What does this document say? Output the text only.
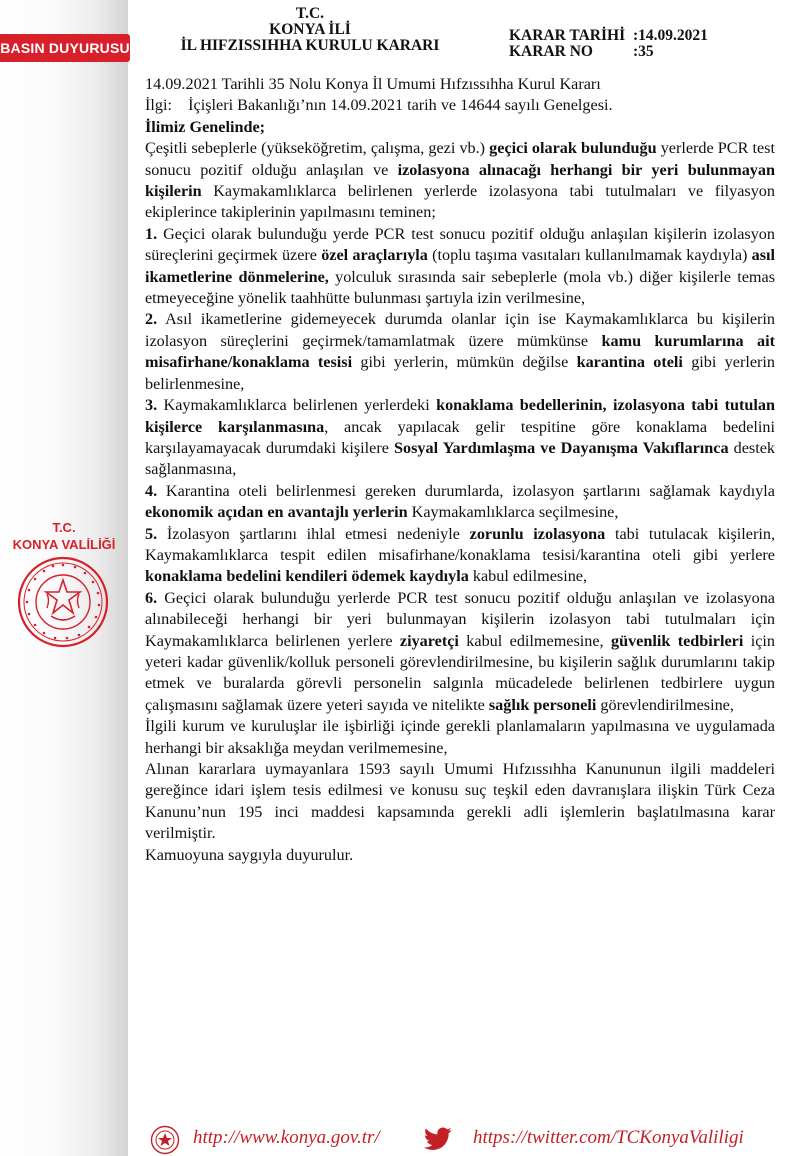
BASIN DUYURUSU
T.C.
KONYA VALİLİĞİ
T.C.
KONYA İLİ
İL HIFZISSIHHA KURULU KARARI
KARAR TARİHİ :14.09.2021
KARAR NO	:35

14.09.2021 Tarihli 35 Nolu Konya İl Umumi Hıfzıssıhha Kurul Kararı

İlgi: İçişleri Bakanlığı’nın 14.09.2021 tarih ve 14644 sayılı Genelgesi.

İlimiz Genelinde;

Çeşitli sebeplerle (yükseköğretim, çalışma, gezi vb.) geçici olarak bulunduğu yerlerde PCR test sonucu pozitif olduğu anlaşılan ve izolasyona alınacağı herhangi bir yeri bulunmayan kişilerin Kaymakamlıklarca belirlenen yerlerde izolasyona tabi tutulmaları ve filyasyon ekiplerince takiplerinin yapılmasını teminen;

1. Geçici olarak bulunduğu yerde PCR test sonucu pozitif olduğu anlaşılan kişilerin izolasyon süreçlerini geçirmek üzere özel araçlarıyla (toplu taşıma vasıtaları kullanılmamak kaydıyla) asıl ikametlerine dönmelerine, yolculuk sırasında sair sebeplerle (mola vb.) diğer kişilerle temas etmeyeceğine yönelik taahhütte bulunması şartıyla izin verilmesine,

2. Asıl ikametlerine gidemeyecek durumda olanlar için ise Kaymakamlıklarca bu kişilerin izolasyon süreçlerini geçirmek/tamamlatmak üzere mümkünse kamu kurumlarına ait misafirhane/konaklama tesisi gibi yerlerin, mümkün değilse karantina oteli gibi yerlerin belirlenmesine,

3. Kaymakamlıklarca belirlenen yerlerdeki konaklama bedellerinin, izolasyona tabi tutulan kişilerce karşılanmasına, ancak yapılacak gelir tespitine göre konaklama bedelini karşılayamayacak durumdaki kişilere Sosyal Yardımlaşma ve Dayanışma Vakıflarınca destek sağlanmasına,

4. Karantina oteli belirlenmesi gereken durumlarda, izolasyon şartlarını sağlamak kaydıyla ekonomik açıdan en avantajlı yerlerin Kaymakamlıklarca seçilmesine,

5. İzolasyon şartlarını ihlal etmesi nedeniyle zorunlu izolasyona tabi tutulacak kişilerin, Kaymakamlıklarca tespit edilen misafirhane/konaklama tesisi/karantina oteli gibi yerlere konaklama bedelini kendileri ödemek kaydıyla kabul edilmesine,

6. Geçici olarak bulunduğu yerlerde PCR test sonucu pozitif olduğu anlaşılan ve izolasyona alınabileceği herhangi bir yeri bulunmayan kişilerin izolasyon tabi tutulmaları için Kaymakamlıklarca belirlenen yerlere ziyaretçi kabul edilmemesine, güvenlik tedbirleri için yeteri kadar güvenlik/kolluk personeli görevlendirilmesine, bu kişilerin sağlık durumlarını takip etmek ve buralarda görevli personelin salgınla mücadelede belirlenen tedbirlere uygun çalışmasını sağlamak üzere yeteri sayıda ve nitelikte sağlık personeli görevlendirilmesine,

İlgili kurum ve kuruluşlar ile işbirliği içinde gerekli planlamaların yapılmasına ve uygulamada herhangi bir aksaklığa meydan verilmemesine,

Alınan kararlara uymayanlara 1593 sayılı Umumi Hıfzıssıhha Kanununun ilgili maddeleri gereğince idari işlem tesis edilmesi ve konusu suç teşkil eden davranışlara ilişkin Türk Ceza Kanunu’nun 195 inci maddesi kapsamında gerekli adli işlemlerin başlatılmasına karar verilmiştir.

Kamuoyuna saygıyla duyurulur.

http://www.konya.gov.tr/	https://twitter.com/TCKonyaValiligi
